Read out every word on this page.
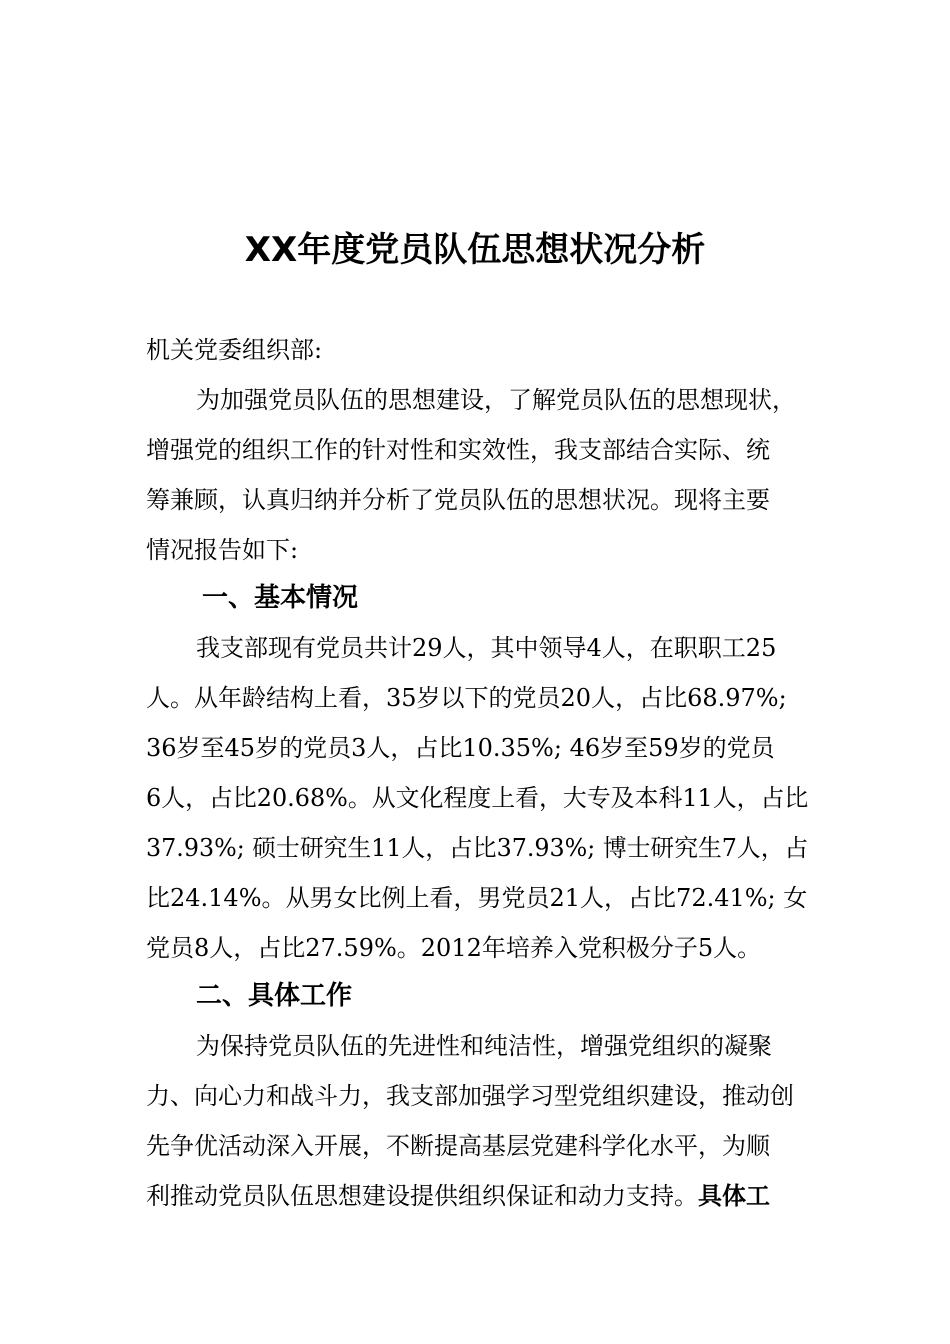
XX年度党员队伍思想状况分析
机关党委组织部:
为加强党员队伍的思想建设，了解党员队伍的思想现状，
增强党的组织工作的针对性和实效性，我支部结合实际、统
筹兼顾，认真归纳并分析了党员队伍的思想状况。现将主要
情况报告如下:
一、基本情况
我支部现有党员共计29人，其中领导4人，在职职工25
人。从年龄结构上看，35岁以下的党员20人，占比68.97%;
36岁至45岁的党员3人，占比10.35%; 46岁至59岁的党员
6人，占比20.68%。从文化程度上看，大专及本科11人，占比
37.93%; 硕士研究生11人，占比37.93%; 博士研究生7人，占
比24.14%。从男女比例上看，男党员21人，占比72.41%; 女
党员8人，占比27.59%。2012年培养入党积极分子5人。
二、具体工作
为保持党员队伍的先进性和纯洁性，增强党组织的凝聚
力、向心力和战斗力，我支部加强学习型党组织建设，推动创
先争优活动深入开展，不断提高基层党建科学化水平，为顺
利推动党员队伍思想建设提供组织保证和动力支持。具体工
